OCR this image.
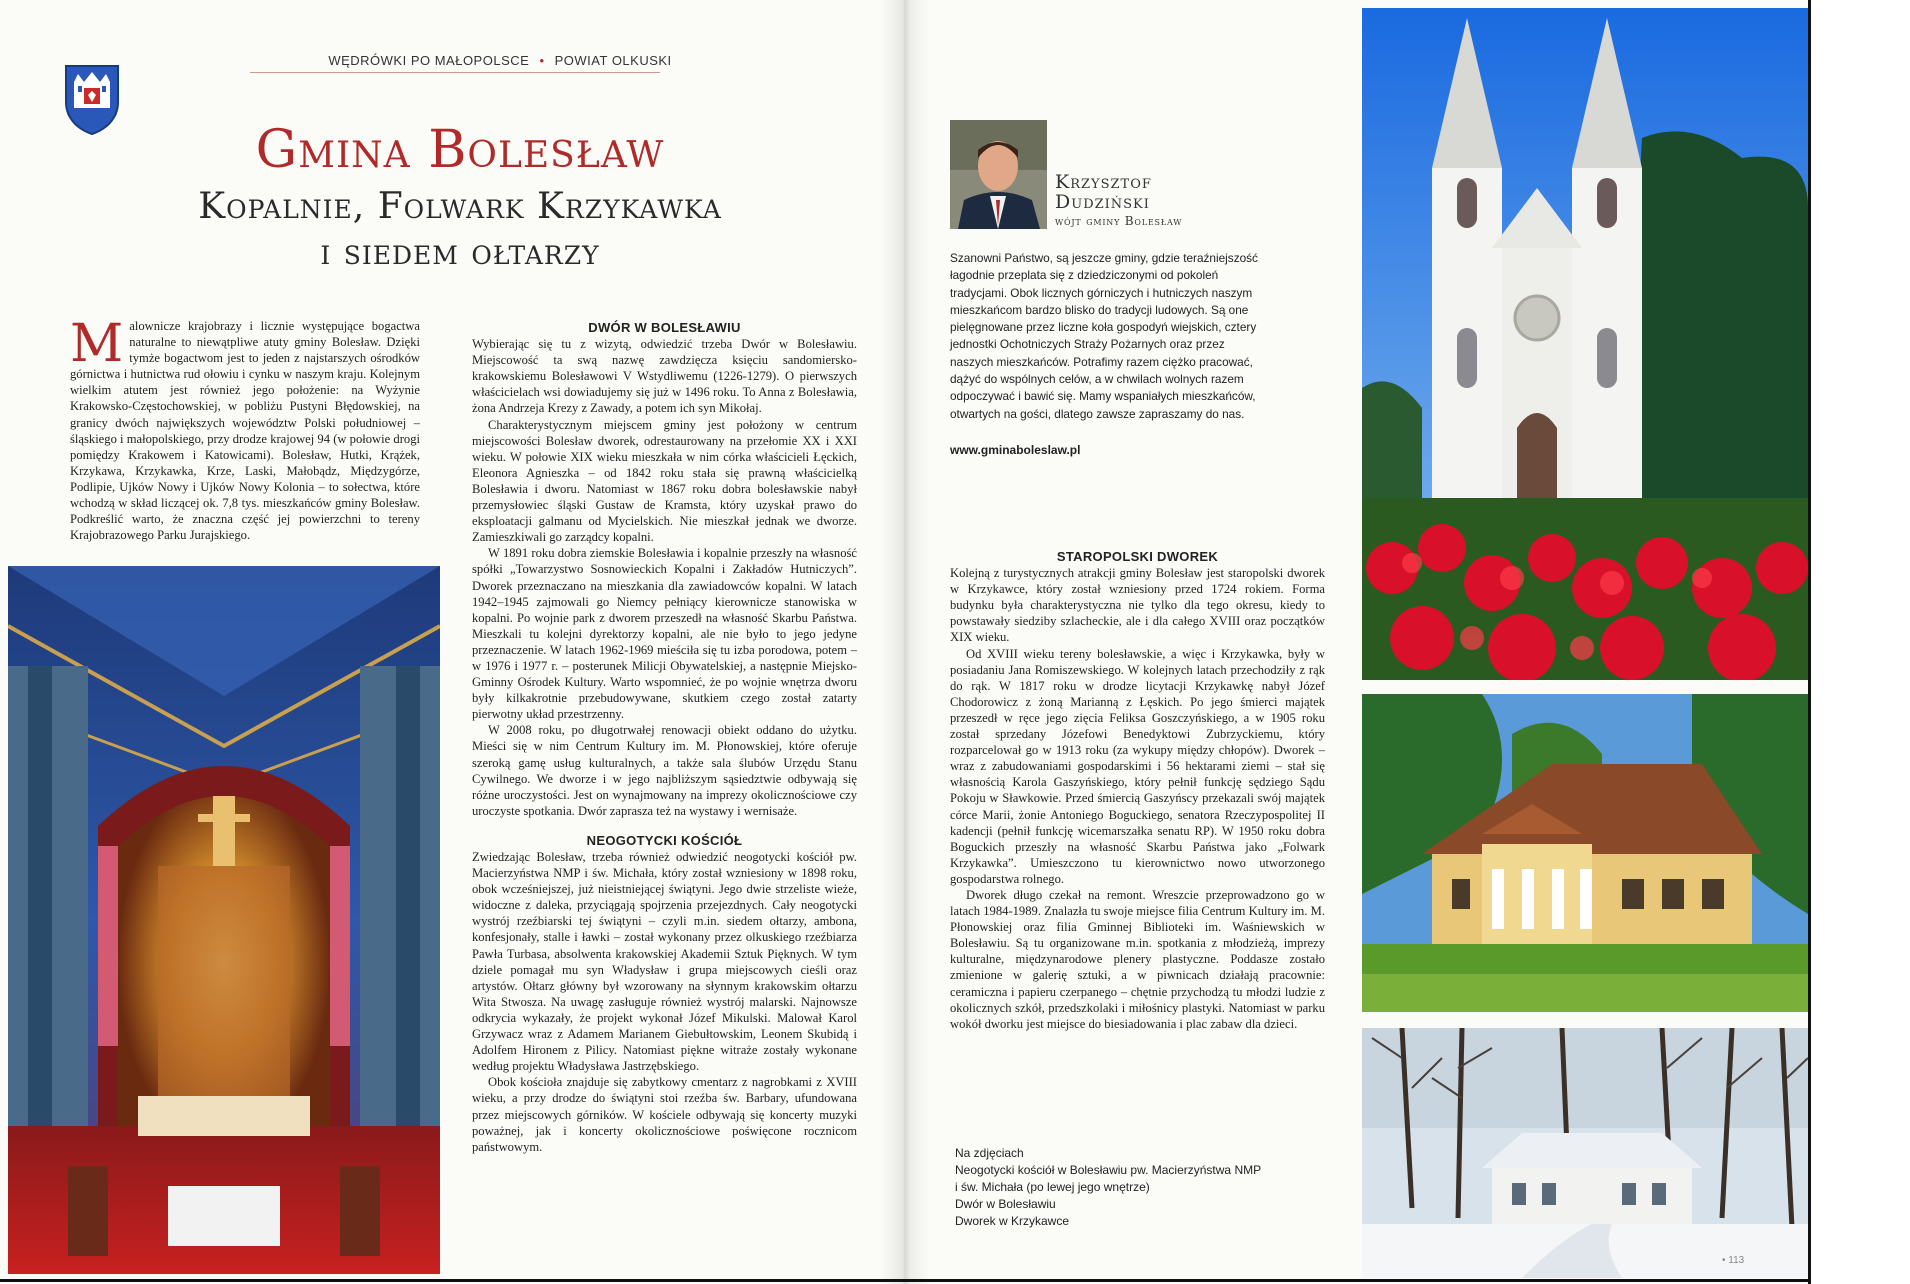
WĘDRÓWKI PO MAŁOPOLSCE • POWIAT OLKUSKI
Gmina Bolesław
Kopalnie, Folwark Krzykawka
i siedem ołtarzy

Malownicze krajobrazy i licznie występujące bogactwa naturalne to niewątpliwe atuty gminy Bolesław. Dzięki tymże bogactwom jest to jeden z najstarszych ośrodków górnictwa i hutnictwa rud ołowiu i cynku w naszym kraju. Kolejnym wielkim atutem jest również jego położenie: na Wyżynie Krakowsko-Częstochowskiej, w pobliżu Pustyni Błędowskiej, na granicy dwóch największych województw Polski południowej – śląskiego i małopolskiego, przy drodze krajowej 94 (w połowie drogi pomiędzy Krakowem i Katowicami). Bolesław, Hutki, Krążek, Krzykawa, Krzykawka, Krze, Laski, Małobądz, Międzygórze, Podlipie, Ujków Nowy i Ujków Nowy Kolonia – to sołectwa, które wchodzą w skład liczącej ok. 7,8 tys. mieszkańców gminy Bolesław. Podkreślić warto, że znaczna część jej powierzchni to tereny Krajobrazowego Parku Jurajskiego.

DWÓR W BOLESŁAWIU

Wybierając się tu z wizytą, odwiedzić trzeba Dwór w Bolesławiu. Miejscowość ta swą nazwę zawdzięcza księciu sandomiersko-krakowskiemu Bolesławowi V Wstydliwemu (1226-1279). O pierwszych właścicielach wsi dowiadujemy się już w 1496 roku. To Anna z Bolesławia, żona Andrzeja Krezy z Zawady, a potem ich syn Mikołaj.

Charakterystycznym miejscem gminy jest położony w centrum miejscowości Bolesław dworek, odrestaurowany na przełomie XX i XXI wieku. W połowie XIX wieku mieszkała w nim córka właścicieli Łęckich, Eleonora Agnieszka – od 1842 roku stała się prawną właścicielką Bolesławia i dworu. Natomiast w 1867 roku dobra bolesławskie nabył przemysłowiec śląski Gustaw de Kramsta, który uzyskał prawo do eksploatacji galmanu od Mycielskich. Nie mieszkał jednak we dworze. Zamieszkiwali go zarządcy kopalni.

W 1891 roku dobra ziemskie Bolesławia i kopalnie przeszły na własność spółki „Towarzystwo Sosnowieckich Kopalni i Zakładów Hutniczych”. Dworek przeznaczano na mieszkania dla zawiadowców kopalni. W latach 1942–1945 zajmowali go Niemcy pełniący kierownicze stanowiska w kopalni. Po wojnie park z dworem przeszedł na własność Skarbu Państwa. Mieszkali tu kolejni dyrektorzy kopalni, ale nie było to jego jedyne przeznaczenie. W latach 1962-1969 mieściła się tu izba porodowa, potem – w 1976 i 1977 r. – posterunek Milicji Obywatelskiej, a następnie Miejsko-Gminny Ośrodek Kultury. Warto wspomnieć, że po wojnie wnętrza dworu były kilkakrotnie przebudowywane, skutkiem czego został zatarty pierwotny układ przestrzenny.

W 2008 roku, po długotrwałej renowacji obiekt oddano do użytku. Mieści się w nim Centrum Kultury im. M. Płonowskiej, które oferuje szeroką gamę usług kulturalnych, a także sala ślubów Urzędu Stanu Cywilnego. We dworze i w jego najbliższym sąsiedztwie odbywają się różne uroczystości. Jest on wynajmowany na imprezy okolicznościowe czy uroczyste spotkania. Dwór zaprasza też na wystawy i wernisaże.

NEOGOTYCKI KOŚCIÓŁ

Zwiedzając Bolesław, trzeba również odwiedzić neogotycki kościół pw. Macierzyństwa NMP i św. Michała, który został wzniesiony w 1898 roku, obok wcześniejszej, już nieistniejącej świątyni. Jego dwie strzeliste wieże, widoczne z daleka, przyciągają spojrzenia przejezdnych. Cały neogotycki wystrój rzeźbiarski tej świątyni – czyli m.in. siedem ołtarzy, ambona, konfesjonały, stalle i ławki – został wykonany przez olkuskiego rzeźbiarza Pawła Turbasa, absolwenta krakowskiej Akademii Sztuk Pięknych. W tym dziele pomagał mu syn Władysław i grupa miejscowych cieśli oraz artystów. Ołtarz główny był wzorowany na słynnym krakowskim ołtarzu Wita Stwosza. Na uwagę zasługuje również wystrój malarski. Najnowsze odkrycia wykazały, że projekt wykonał Józef Mikulski. Malował Karol Grzywacz wraz z Adamem Marianem Giebułtowskim, Leonem Skubidą i Adolfem Hironem z Pilicy. Natomiast piękne witraże zostały wykonane według projektu Władysława Jastrzębskiego.

Obok kościoła znajduje się zabytkowy cmentarz z nagrobkami z XVIII wieku, a przy drodze do świątyni stoi rzeźba św. Barbary, ufundowana przez miejscowych górników. W kościele odbywają się koncerty muzyki poważnej, jak i koncerty okolicznościowe poświęcone rocznicom państwowym.

Krzysztof
Dudziński
wójt gminy Bolesław
Szanowni Państwo, są jeszcze gminy, gdzie teraźniejszość łagodnie przeplata się z dziedziczonymi od pokoleń tradycjami. Obok licznych górniczych i hutniczych naszym mieszkańcom bardzo blisko do tradycji ludowych. Są one pielęgnowane przez liczne koła gospodyń wiejskich, cztery jednostki Ochotniczych Straży Pożarnych oraz przez naszych mieszkańców. Potrafimy razem ciężko pracować, dążyć do wspólnych celów, a w chwilach wolnych razem odpoczywać i bawić się. Mamy wspaniałych mieszkańców, otwartych na gości, dlatego zawsze zapraszamy do nas.
www.gminaboleslaw.pl
STAROPOLSKI DWOREK

Kolejną z turystycznych atrakcji gminy Bolesław jest staropolski dworek w Krzykawce, który został wzniesiony przed 1724 rokiem. Forma budynku była charakterystyczna nie tylko dla tego okresu, kiedy to powstawały siedziby szlacheckie, ale i dla całego XVIII oraz początków XIX wieku.

Od XVIII wieku tereny bolesławskie, a więc i Krzykawka, były w posiadaniu Jana Romiszewskiego. W kolejnych latach przechodziły z rąk do rąk. W 1817 roku w drodze licytacji Krzykawkę nabył Józef Chodorowicz z żoną Marianną z Łęskich. Po jego śmierci majątek przeszedł w ręce jego zięcia Feliksa Goszczyńskiego, a w 1905 roku został sprzedany Józefowi Benedyktowi Zubrzyckiemu, który rozparcelował go w 1913 roku (za wykupy między chłopów). Dworek – wraz z zabudowaniami gospodarskimi i 56 hektarami ziemi – stał się własnością Karola Gaszyńskiego, który pełnił funkcję sędziego Sądu Pokoju w Sławkowie. Przed śmiercią Gaszyńscy przekazali swój majątek córce Marii, żonie Antoniego Boguckiego, senatora Rzeczypospolitej II kadencji (pełnił funkcję wicemarszałka senatu RP). W 1950 roku dobra Boguckich przeszły na własność Skarbu Państwa jako „Folwark Krzykawka”. Umieszczono tu kierownictwo nowo utworzonego gospodarstwa rolnego.

Dworek długo czekał na remont. Wreszcie przeprowadzono go w latach 1984-1989. Znalazła tu swoje miejsce filia Centrum Kultury im. M. Płonowskiej oraz filia Gminnej Biblioteki im. Waśniewskich w Bolesławiu. Są tu organizowane m.in. spotkania z młodzieżą, imprezy kulturalne, międzynarodowe plenery plastyczne. Poddasze zostało zmienione w galerię sztuki, a w piwnicach działają pracownie: ceramiczna i papieru czerpanego – chętnie przychodzą tu młodzi ludzie z okolicznych szkół, przedszkolaki i miłośnicy plastyki. Natomiast w parku wokół dworku jest miejsce do biesiadowania i plac zabaw dla dzieci.

Na zdjęciach
Neogotycki kościół w Bolesławiu pw. Macierzyństwa NMP
i św. Michała (po lewej jego wnętrze)
Dwór w Bolesławiu
Dworek w Krzykawce
• 113
